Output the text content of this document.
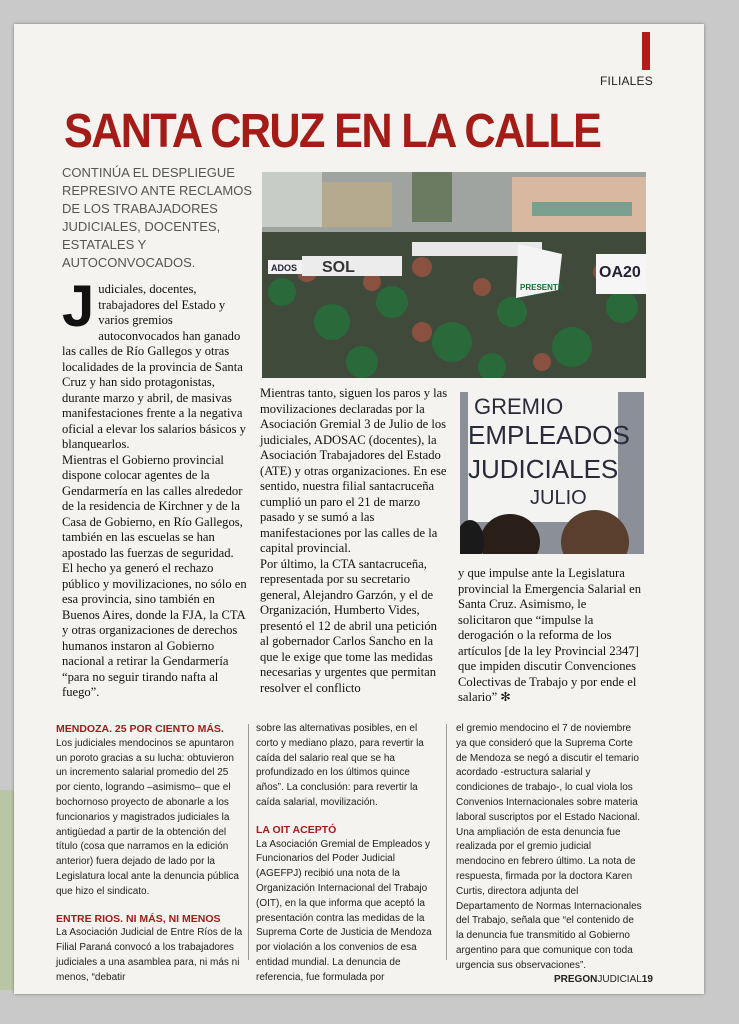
FILIALES
SANTA CRUZ EN LA CALLE
CONTINÚA EL DESPLIEGUE REPRESIVO ANTE RECLAMOS DE LOS TRABAJADORES JUDICIALES, DOCENTES, ESTATALES Y AUTOCONVOCADOS.
Judiciales, docentes, trabajadores del Estado y varios gremios autoconvocados han ganado las calles de Río Gallegos y otras localidades de la provincia de Santa Cruz y han sido protagonistas, durante marzo y abril, de masivas manifestaciones frente a la negativa oficial a elevar los salarios básicos y blanquearlos.
Mientras el Gobierno provincial dispone colocar agentes de la Gendarmería en las calles alrededor de la residencia de Kirchner y de la Casa de Gobierno, en Río Gallegos, también en las escuelas se han apostado las fuerzas de seguridad. El hecho ya generó el rechazo público y movilizaciones, no sólo en esa provincia, sino también en Buenos Aires, donde la FJA, la CTA y otras organizaciones de derechos humanos instaron al Gobierno nacional a retirar la Gendarmería “para no seguir tirando nafta al fuego”.
ADOS SOL
PRESENTE
OA20
GREMIO
EMPLEADOS
JUDICIALES
JULIO
Mientras tanto, siguen los paros y las movilizaciones declaradas por la Asociación Gremial 3 de Julio de los judiciales, ADOSAC (docentes), la Asociación Trabajadores del Estado (ATE) y otras organizaciones. En ese sentido, nuestra filial santacruceña cumplió un paro el 21 de marzo pasado y se sumó a las manifestaciones por las calles de la capital provincial.
Por último, la CTA santacruceña, representada por su secretario general, Alejandro Garzón, y el de Organización, Humberto Vides, presentó el 12 de abril una petición al gobernador Carlos Sancho en la que le exige que tome las medidas necesarias y urgentes que permitan resolver el conflicto
y que impulse ante la Legislatura provincial la Emergencia Salarial en Santa Cruz. Asimismo, le solicitaron que “impulse la derogación o la reforma de los artículos [de la ley Provincial 2347] que impiden discutir Convenciones Colectivas de Trabajo y por ende el salario” ✻
MENDOZA. 25 POR CIENTO MÁS.
Los judiciales mendocinos se apuntaron un poroto gracias a su lucha: obtuvieron un incremento salarial promedio del 25 por ciento, logrando –asimismo– que el bochornoso proyecto de abonarle a los funcionarios y magistrados judiciales la antigüedad a partir de la obtención del título (cosa que narramos en la edición anterior) fuera dejado de lado por la Legislatura local ante la denuncia pública que hizo el sindicato.
ENTRE RIOS. NI MÁS, NI MENOS
La Asociación Judicial de Entre Ríos de la Filial Paraná convocó a los trabajadores judiciales a una asamblea para, ni más ni menos, “debatir
sobre las alternativas posibles, en el corto y mediano plazo, para revertir la caída del salario real que se ha profundizado en los últimos quince años”. La conclusión: para revertir la caída salarial, movilización.
LA OIT ACEPTÓ
La Asociación Gremial de Empleados y Funcionarios del Poder Judicial (AGEFPJ) recibió una nota de la Organización Internacional del Trabajo (OIT), en la que informa que aceptó la presentación contra las medidas de la Suprema Corte de Justicia de Mendoza por violación a los convenios de esa entidad mundial. La denuncia de referencia, fue formulada por
el gremio mendocino el 7 de noviembre ya que consideró que la Suprema Corte de Mendoza se negó a discutir el temario acordado -estructura salarial y condiciones de trabajo-, lo cual viola los Convenios Internacionales sobre materia laboral suscriptos por el Estado Nacional. Una ampliación de esta denuncia fue realizada por el gremio judicial mendocino en febrero último. La nota de respuesta, firmada por la doctora Karen Curtis, directora adjunta del Departamento de Normas Internacionales del Trabajo, señala que “el contenido de la denuncia fue transmitido al Gobierno argentino para que comunique con toda urgencia sus observaciones”.
PREGONJUDICIAL19
